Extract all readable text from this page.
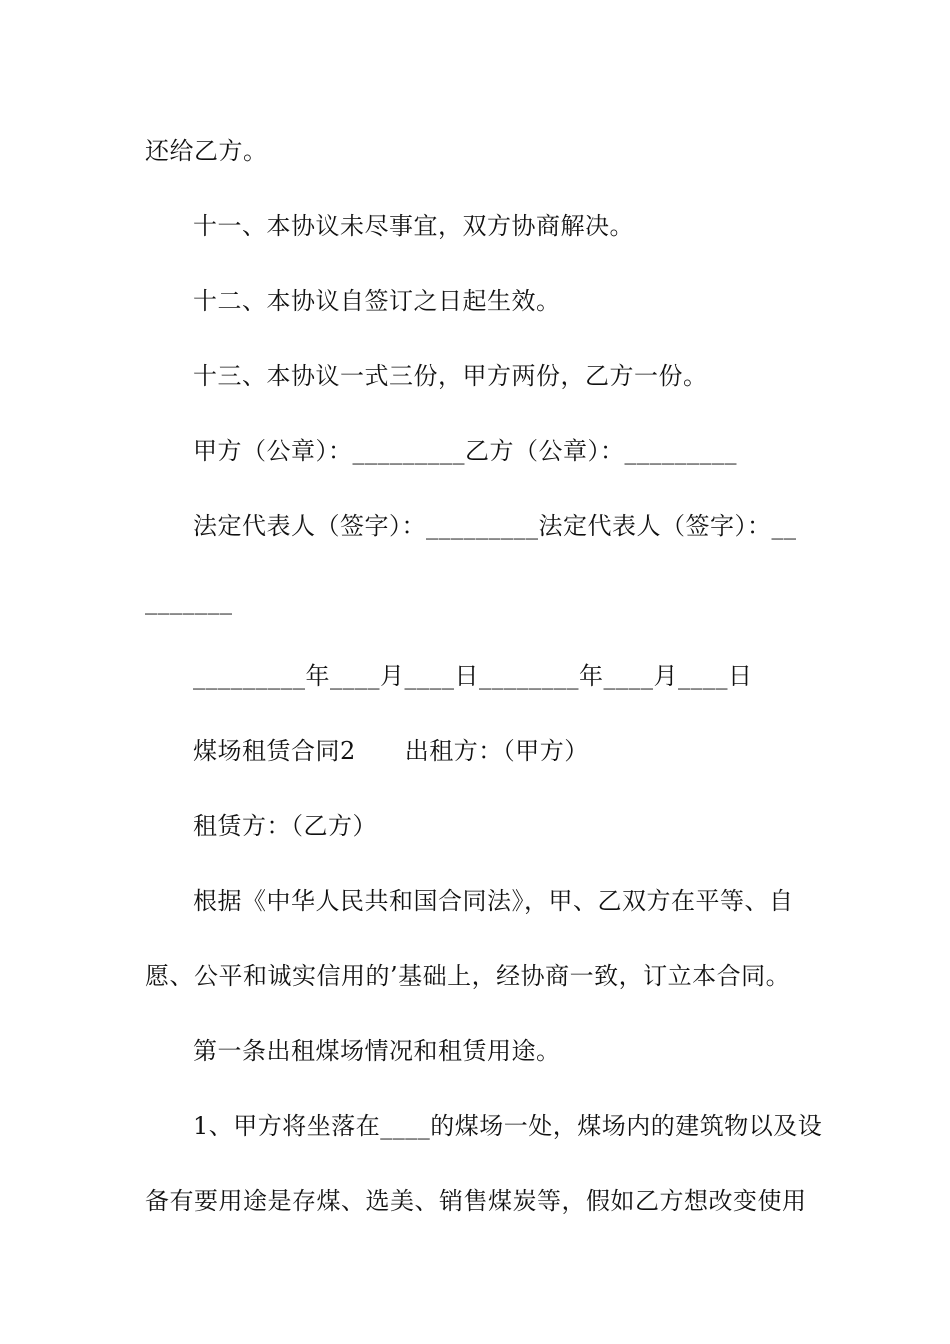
还给乙方。
十一、本协议未尽事宜，双方协商解决。
十二、本协议自签订之日起生效。
十三、本协议一式三份，甲方两份，乙方一份。
甲方（公章）：_________乙方（公章）：_________
法定代表人（签字）：_________法定代表人（签字）：__
_______
_________年____月____日________年____月____日
煤场租赁合同2　　出租方：（甲方）
租赁方：（乙方）
根据《中华人民共和国合同法》，甲、乙双方在平等、自
愿、公平和诚实信用的’基础上，经协商一致，订立本合同。
第一条出租煤场情况和租赁用途。
1、甲方将坐落在____的煤场一处，煤场内的建筑物以及设
备有要用途是存煤、选美、销售煤炭等，假如乙方想改变使用
